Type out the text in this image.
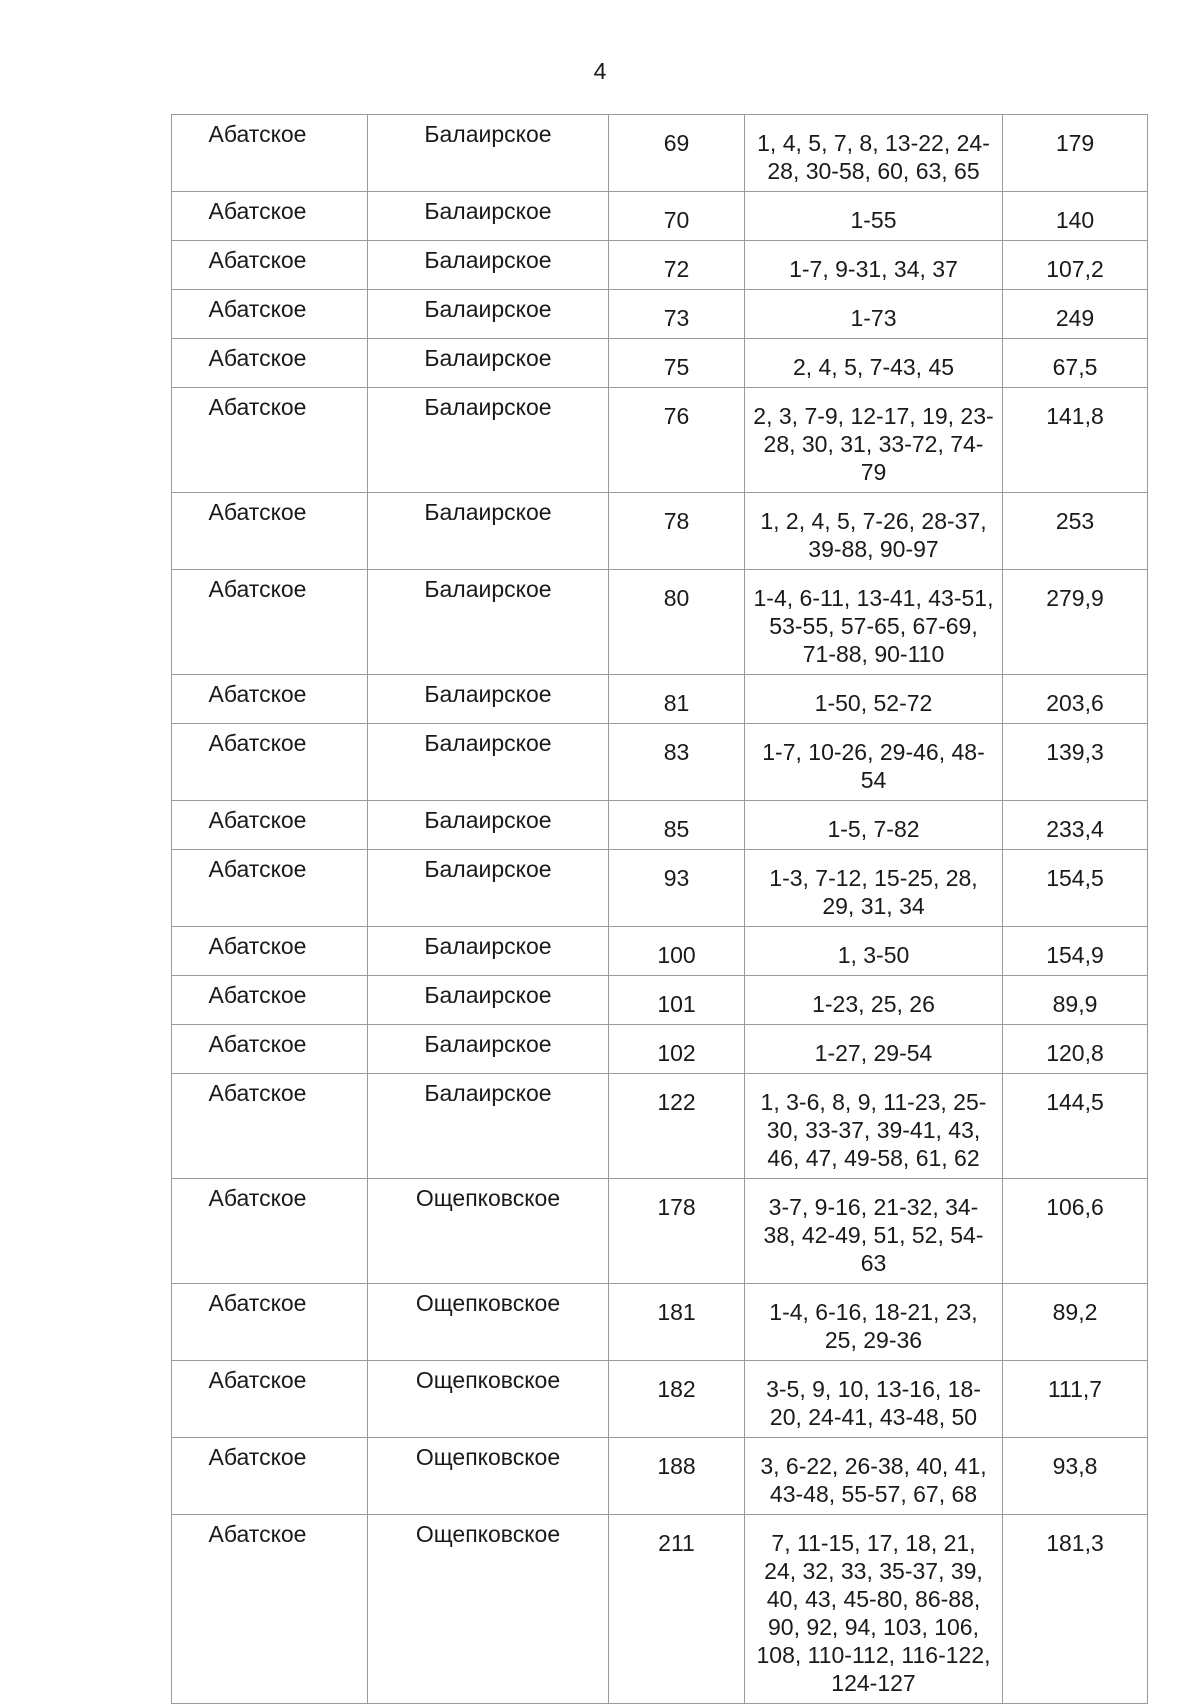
4
Абатское	Балаирское	69	1, 4, 5, 7, 8, 13-22, 24-28, 30-58, 60, 63, 65	179
Абатское	Балаирское	70	1-55	140
Абатское	Балаирское	72	1-7, 9-31, 34, 37	107,2
Абатское	Балаирское	73	1-73	249
Абатское	Балаирское	75	2, 4, 5, 7-43, 45	67,5
Абатское	Балаирское	76	2, 3, 7-9, 12-17, 19, 23-28, 30, 31, 33-72, 74-79	141,8
Абатское	Балаирское	78	1, 2, 4, 5, 7-26, 28-37, 39-88, 90-97	253
Абатское	Балаирское	80	1-4, 6-11, 13-41, 43-51, 53-55, 57-65, 67-69, 71-88, 90-110	279,9
Абатское	Балаирское	81	1-50, 52-72	203,6
Абатское	Балаирское	83	1-7, 10-26, 29-46, 48-54	139,3
Абатское	Балаирское	85	1-5, 7-82	233,4
Абатское	Балаирское	93	1-3, 7-12, 15-25, 28, 29, 31, 34	154,5
Абатское	Балаирское	100	1, 3-50	154,9
Абатское	Балаирское	101	1-23, 25, 26	89,9
Абатское	Балаирское	102	1-27, 29-54	120,8
Абатское	Балаирское	122	1, 3-6, 8, 9, 11-23, 25-30, 33-37, 39-41, 43, 46, 47, 49-58, 61, 62	144,5
Абатское	Ощепковское	178	3-7, 9-16, 21-32, 34-38, 42-49, 51, 52, 54-63	106,6
Абатское	Ощепковское	181	1-4, 6-16, 18-21, 23, 25, 29-36	89,2
Абатское	Ощепковское	182	3-5, 9, 10, 13-16, 18-20, 24-41, 43-48, 50	111,7
Абатское	Ощепковское	188	3, 6-22, 26-38, 40, 41, 43-48, 55-57, 67, 68	93,8
Абатское	Ощепковское	211	7, 11-15, 17, 18, 21, 24, 32, 33, 35-37, 39, 40, 43, 45-80, 86-88, 90, 92, 94, 103, 106, 108, 110-112, 116-122, 124-127	181,3
